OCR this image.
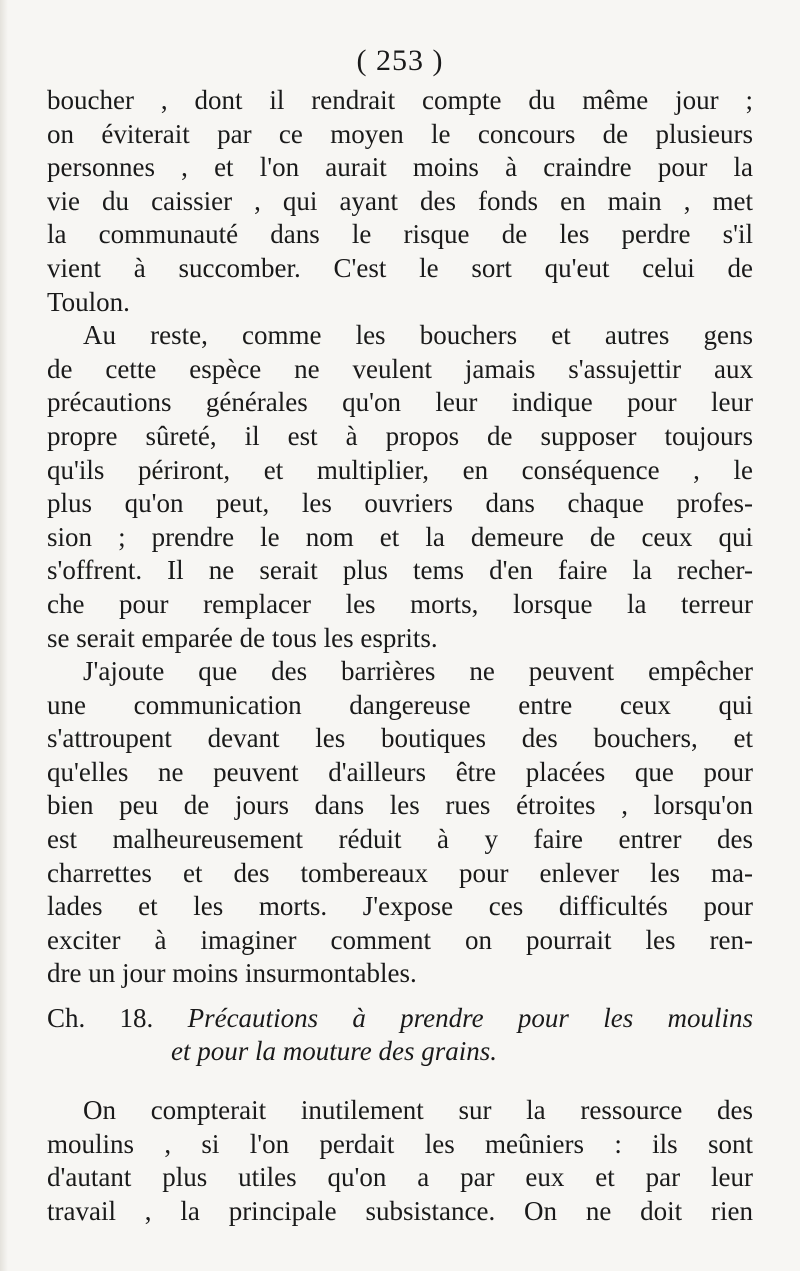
( 253 )
boucher , dont il rendrait compte du même jour ;
on éviterait par ce moyen le concours de plusieurs
personnes , et l'on aurait moins à craindre pour la
vie du caissier , qui ayant des fonds en main , met
la communauté dans le risque de les perdre s'il
vient à succomber. C'est le sort qu'eut celui de
Toulon.
Au reste, comme les bouchers et autres gens
de cette espèce ne veulent jamais s'assujettir aux
précautions générales qu'on leur indique pour leur
propre sûreté, il est à propos de supposer toujours
qu'ils périront, et multiplier, en conséquence , le
plus qu'on peut, les ouvriers dans chaque profes-
sion ; prendre le nom et la demeure de ceux qui
s'offrent. Il ne serait plus tems d'en faire la recher-
che pour remplacer les morts, lorsque la terreur
se serait emparée de tous les esprits.
J'ajoute que des barrières ne peuvent empêcher
une communication dangereuse entre ceux qui
s'attroupent devant les boutiques des bouchers, et
qu'elles ne peuvent d'ailleurs être placées que pour
bien peu de jours dans les rues étroites , lorsqu'on
est malheureusement réduit à y faire entrer des
charrettes et des tombereaux pour enlever les ma-
lades et les morts. J'expose ces difficultés pour
exciter à imaginer comment on pourrait les ren-
dre un jour moins insurmontables.
Ch. 18. Précautions à prendre pour les moulins
et pour la mouture des grains.
On compterait inutilement sur la ressource des
moulins , si l'on perdait les meûniers : ils sont
d'autant plus utiles qu'on a par eux et par leur
travail , la principale subsistance. On ne doit rien
